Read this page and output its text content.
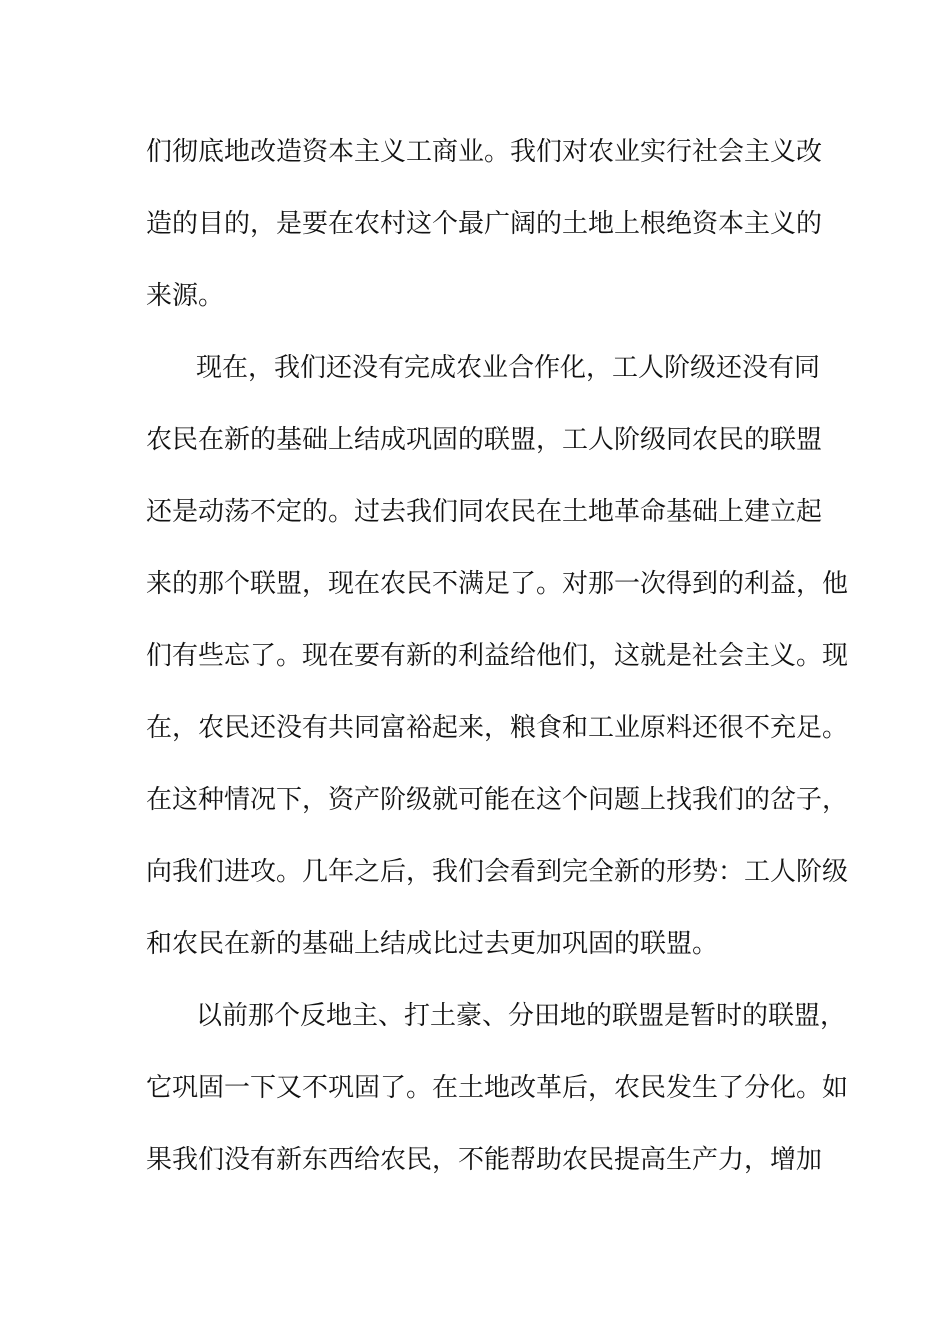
们彻底地改造资本主义工商业。我们对农业实行社会主义改
造的目的，是要在农村这个最广阔的土地上根绝资本主义的
来源。
现在，我们还没有完成农业合作化，工人阶级还没有同
农民在新的基础上结成巩固的联盟，工人阶级同农民的联盟
还是动荡不定的。过去我们同农民在土地革命基础上建立起
来的那个联盟，现在农民不满足了。对那一次得到的利益，他
们有些忘了。现在要有新的利益给他们，这就是社会主义。现
在，农民还没有共同富裕起来，粮食和工业原料还很不充足。
在这种情况下，资产阶级就可能在这个问题上找我们的岔子，
向我们进攻。几年之后，我们会看到完全新的形势：工人阶级
和农民在新的基础上结成比过去更加巩固的联盟。
以前那个反地主、打土豪、分田地的联盟是暂时的联盟，
它巩固一下又不巩固了。在土地改革后，农民发生了分化。如
果我们没有新东西给农民，不能帮助农民提高生产力，增加
